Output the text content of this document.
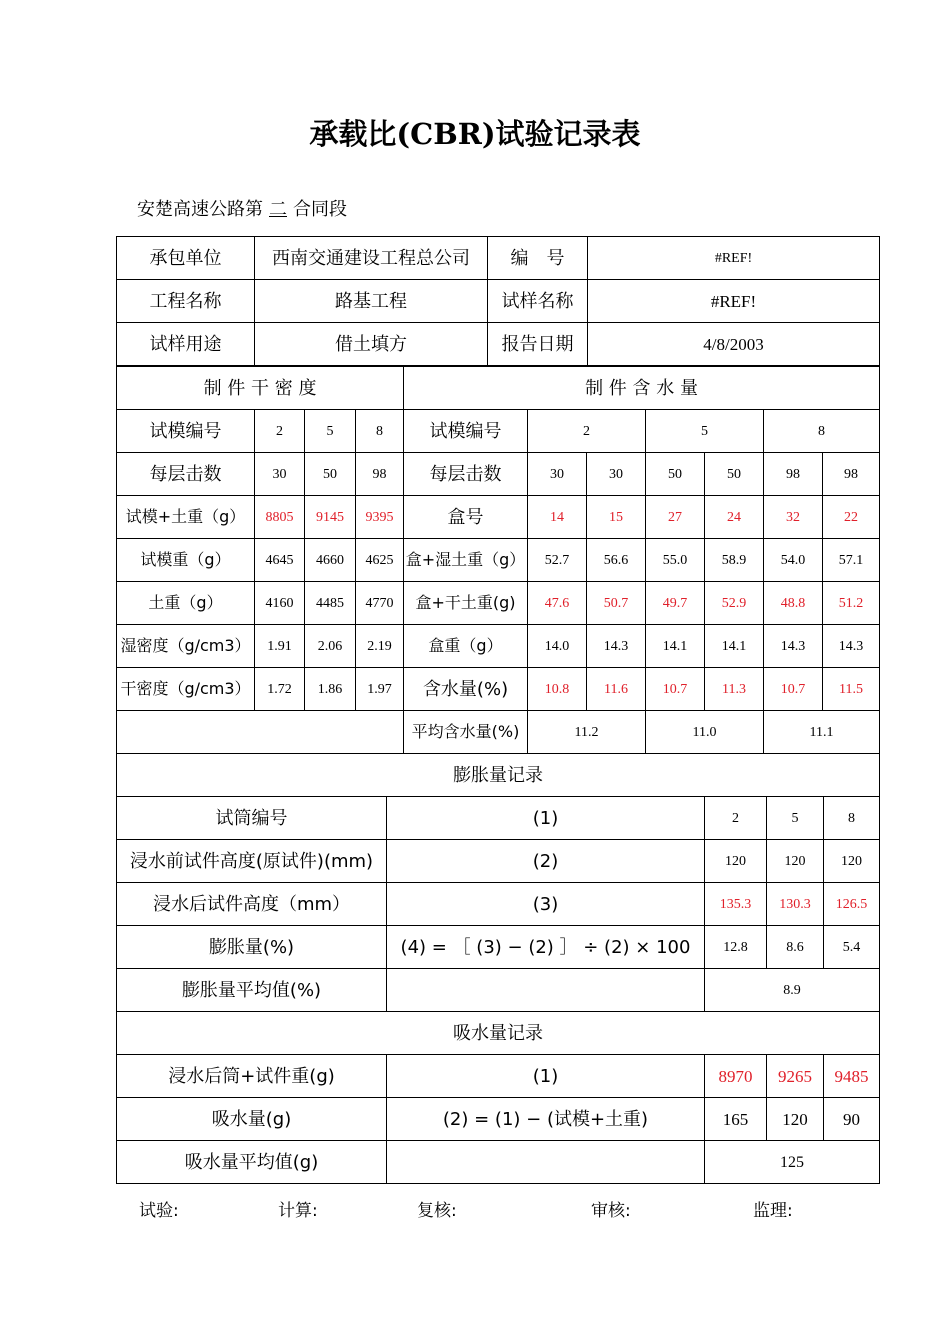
承载比(CBR)试验记录表
安楚高速公路第 二 合同段
承包单位	西南交通建设工程总公司	编　号	#REF!
工程名称	路基工程	试样名称	#REF!
试样用途	借土填方	报告日期	4/8/2003
制 件 干 密 度				制 件 含 水 量						
试模编号	2	5	8	试模编号	2		5		8	
每层击数	30	50	98	每层击数	30	30	50	50	98	98
试模+土重（g）	8805	9145	9395	盒号	14	15	27	24	32	22
试模重（g）	4645	4660	4625	盒+湿土重（g）	52.7	56.6	55.0	58.9	54.0	57.1
土重（g）	4160	4485	4770	盒+干土重(g)	47.6	50.7	49.7	52.9	48.8	51.2
湿密度（g/cm3）	1.91	2.06	2.19	盒重（g）	14.0	14.3	14.1	14.1	14.3	14.3
干密度（g/cm3）	1.72	1.86	1.97	含水量(%)	10.8	11.6	10.7	11.3	10.7	11.5
				平均含水量(%)	11.2		11.0		11.1	
膨胀量记录				
试筒编号	(1)	2	5	8
浸水前试件高度(原试件)(mm)	(2)	120	120	120
浸水后试件高度（mm）	(3)	135.3	130.3	126.5
膨胀量(%)	(4) = ［ (3) − (2) ］ ÷ (2) × 100	12.8	8.6	5.4
膨胀量平均值(%)		8.9		
吸水量记录				
浸水后筒+试件重(g)	(1)	8970	9265	9485
吸水量(g)	(2) = (1) − (试模+土重)	165	120	90
吸水量平均值(g)		125		
试验:	计算:	复核:	审核:	监理:
